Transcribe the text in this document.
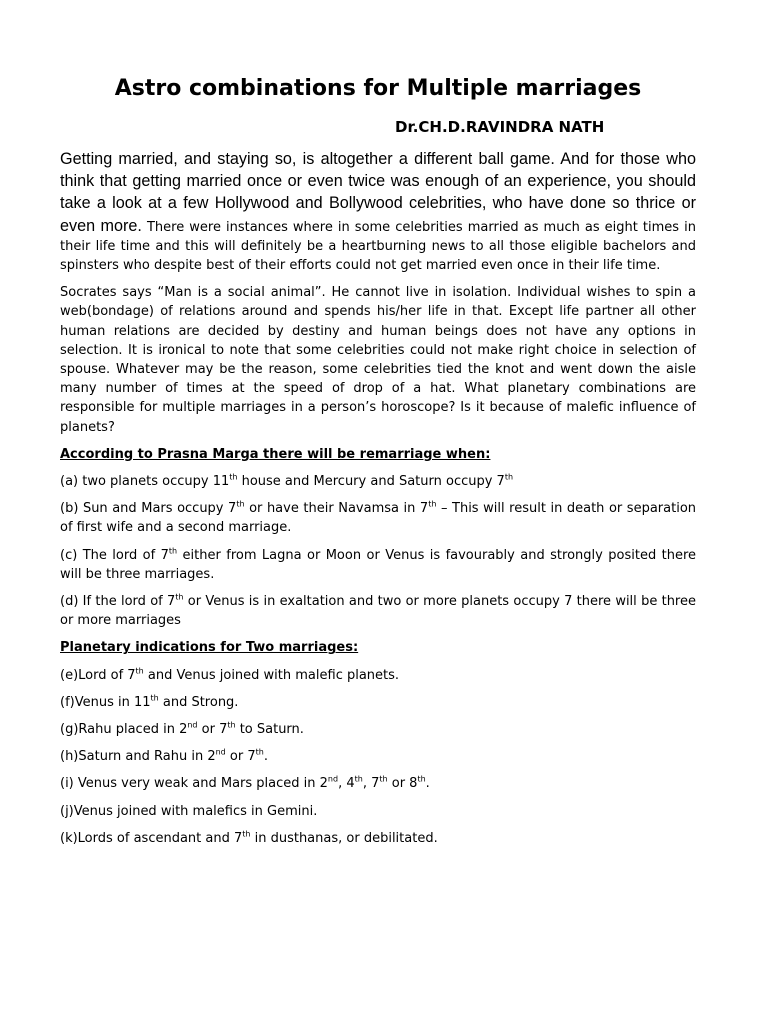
Astro combinations for Multiple marriages
Dr.CH.D.RAVINDRA NATH

Getting married, and staying so, is altogether a different ball game. And for those who think that getting married once or even twice was enough of an experience, you should take a look at a few Hollywood and Bollywood celebrities, who have done so thrice or even more. There were instances where in some celebrities married as much as eight times in their life time and this will definitely be a heartburning news to all those eligible bachelors and spinsters who despite best of their efforts could not get married even once in their life time.

Socrates says “Man is a social animal”. He cannot live in isolation. Individual wishes to spin a web(bondage) of relations around and spends his/her life in that. Except life partner all other human relations are decided by destiny and human beings does not have any options in selection. It is ironical to note that some celebrities could not make right choice in selection of spouse. Whatever may be the reason, some celebrities tied the knot and went down the aisle many number of times at the speed of drop of a hat. What planetary combinations are responsible for multiple marriages in a person’s horoscope? Is it because of malefic influence of planets?

According to Prasna Marga there will be remarriage when:

(a) two planets occupy 11th house and Mercury and Saturn occupy 7th

(b) Sun and Mars occupy 7th or have their Navamsa in 7th – This will result in death or separation of first wife and a second marriage.

(c) The lord of 7th either from Lagna or Moon or Venus is favourably and strongly posited there will be three marriages.

(d) If the lord of 7th or Venus is in exaltation and two or more planets occupy 7 there will be three or more marriages

Planetary indications for Two marriages:

(e)Lord of 7th and Venus joined with malefic planets.

(f)Venus in 11th and Strong.

(g)Rahu placed in 2nd or 7th to Saturn.

(h)Saturn and Rahu in 2nd or 7th.

(i) Venus very weak and Mars placed in 2nd, 4th, 7th or 8th.

(j)Venus joined with malefics in Gemini.

(k)Lords of ascendant and 7th in dusthanas, or debilitated.
